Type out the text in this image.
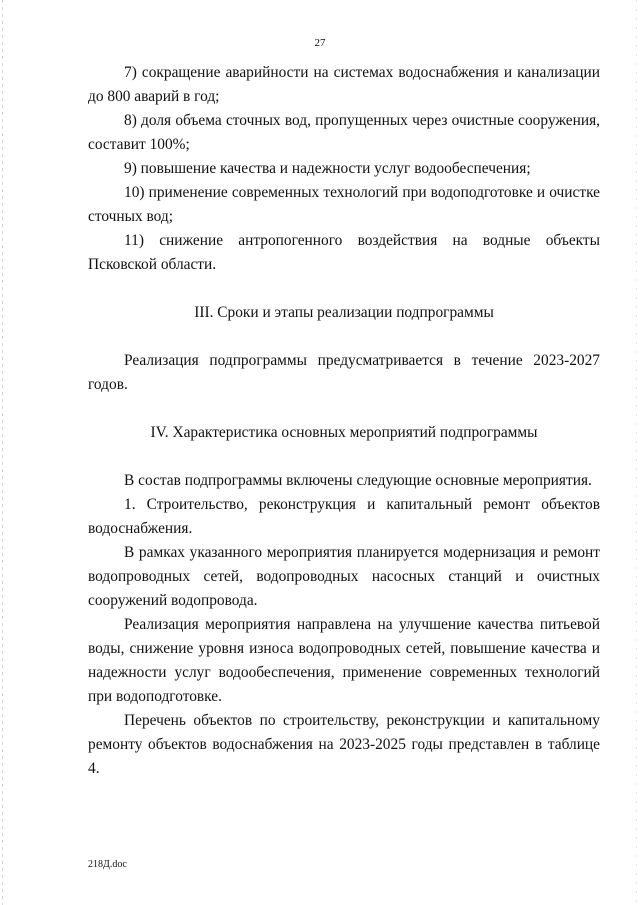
27

7) сокращение аварийности на системах водоснабжения и канализации до 800 аварий в год;

8) доля объема сточных вод, пропущенных через очистные сооружения, составит 100%;

9) повышение качества и надежности услуг водообеспечения;

10) применение современных технологий при водоподготовке и очистке сточных вод;

11) снижение антропогенного воздействия на водные объекты Псковской области.

III. Сроки и этапы реализации подпрограммы

Реализация подпрограммы предусматривается в течение 2023-2027 годов.

IV. Характеристика основных мероприятий подпрограммы

В состав подпрограммы включены следующие основные мероприятия.

1. Строительство, реконструкция и капитальный ремонт объектов водоснабжения.

В рамках указанного мероприятия планируется модернизация и ремонт водопроводных сетей, водопроводных насосных станций и очистных сооружений водопровода.

Реализация мероприятия направлена на улучшение качества питьевой воды, снижение уровня износа водопроводных сетей, повышение качества и надежности услуг водообеспечения, применение современных технологий при водоподготовке.

Перечень объектов по строительству, реконструкции и капитальному ремонту объектов водоснабжения на 2023-2025 годы представлен в таблице 4.

218Д.doc
